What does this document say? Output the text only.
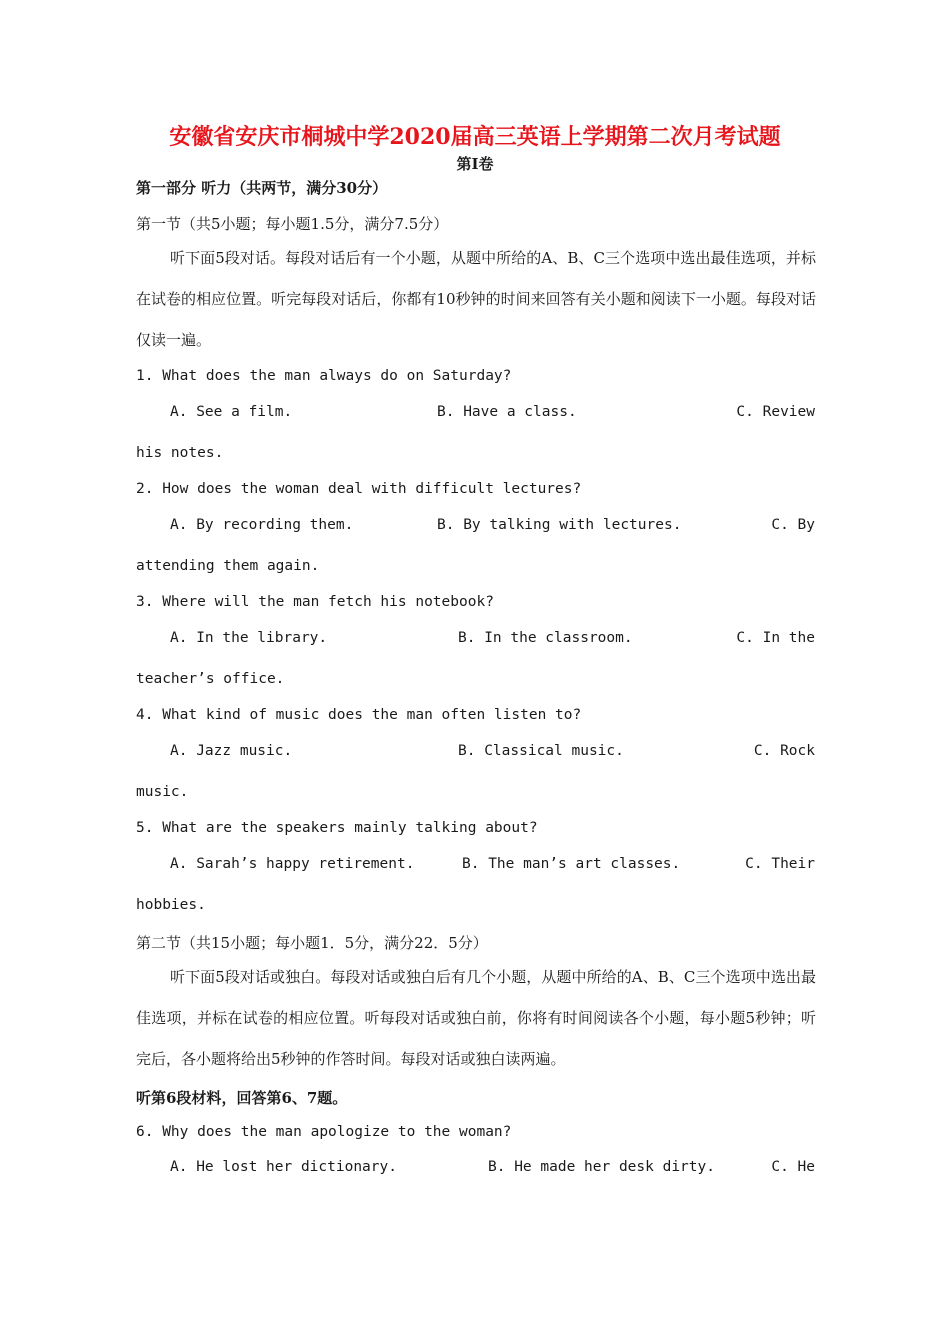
安徽省安庆市桐城中学2020届高三英语上学期第二次月考试题
第I卷
第一部分 听力（共两节，满分30分）
第一节（共5小题；每小题1.5分，满分7.5分）
听下面5段对话。每段对话后有一个小题，从题中所给的A、B、C三个选项中选出最佳选项，并标在试卷的相应位置。听完每段对话后，你都有10秒钟的时间来回答有关小题和阅读下一小题。每段对话仅读一遍。
1. What does the man always do on Saturday?
A. See a film.	B. Have a class.	C. Review
his notes.
2. How does the woman deal with difficult lectures?
A. By recording them.	B. By talking with lectures.	C. By
attending them again.
3. Where will the man fetch his notebook?
A. In the library.	B. In the classroom.	C. In the
teacher’s office.
4. What kind of music does the man often listen to?
A. Jazz music.	B. Classical music.	C. Rock
music.
5. What are the speakers mainly talking about?
A. Sarah’s happy retirement.	B. The man’s art classes.	C. Their
hobbies.
第二节（共15小题；每小题1．5分，满分22．5分）
听下面5段对话或独白。每段对话或独白后有几个小题，从题中所给的A、B、C三个选项中选出最佳选项，并标在试卷的相应位置。听每段对话或独白前，你将有时间阅读各个小题，每小题5秒钟；听完后，各小题将给出5秒钟的作答时间。每段对话或独白读两遍。
听第6段材料，回答第6、7题。
6. Why does the man apologize to the woman?
A. He lost her dictionary.	B. He made her desk dirty.	C. He
